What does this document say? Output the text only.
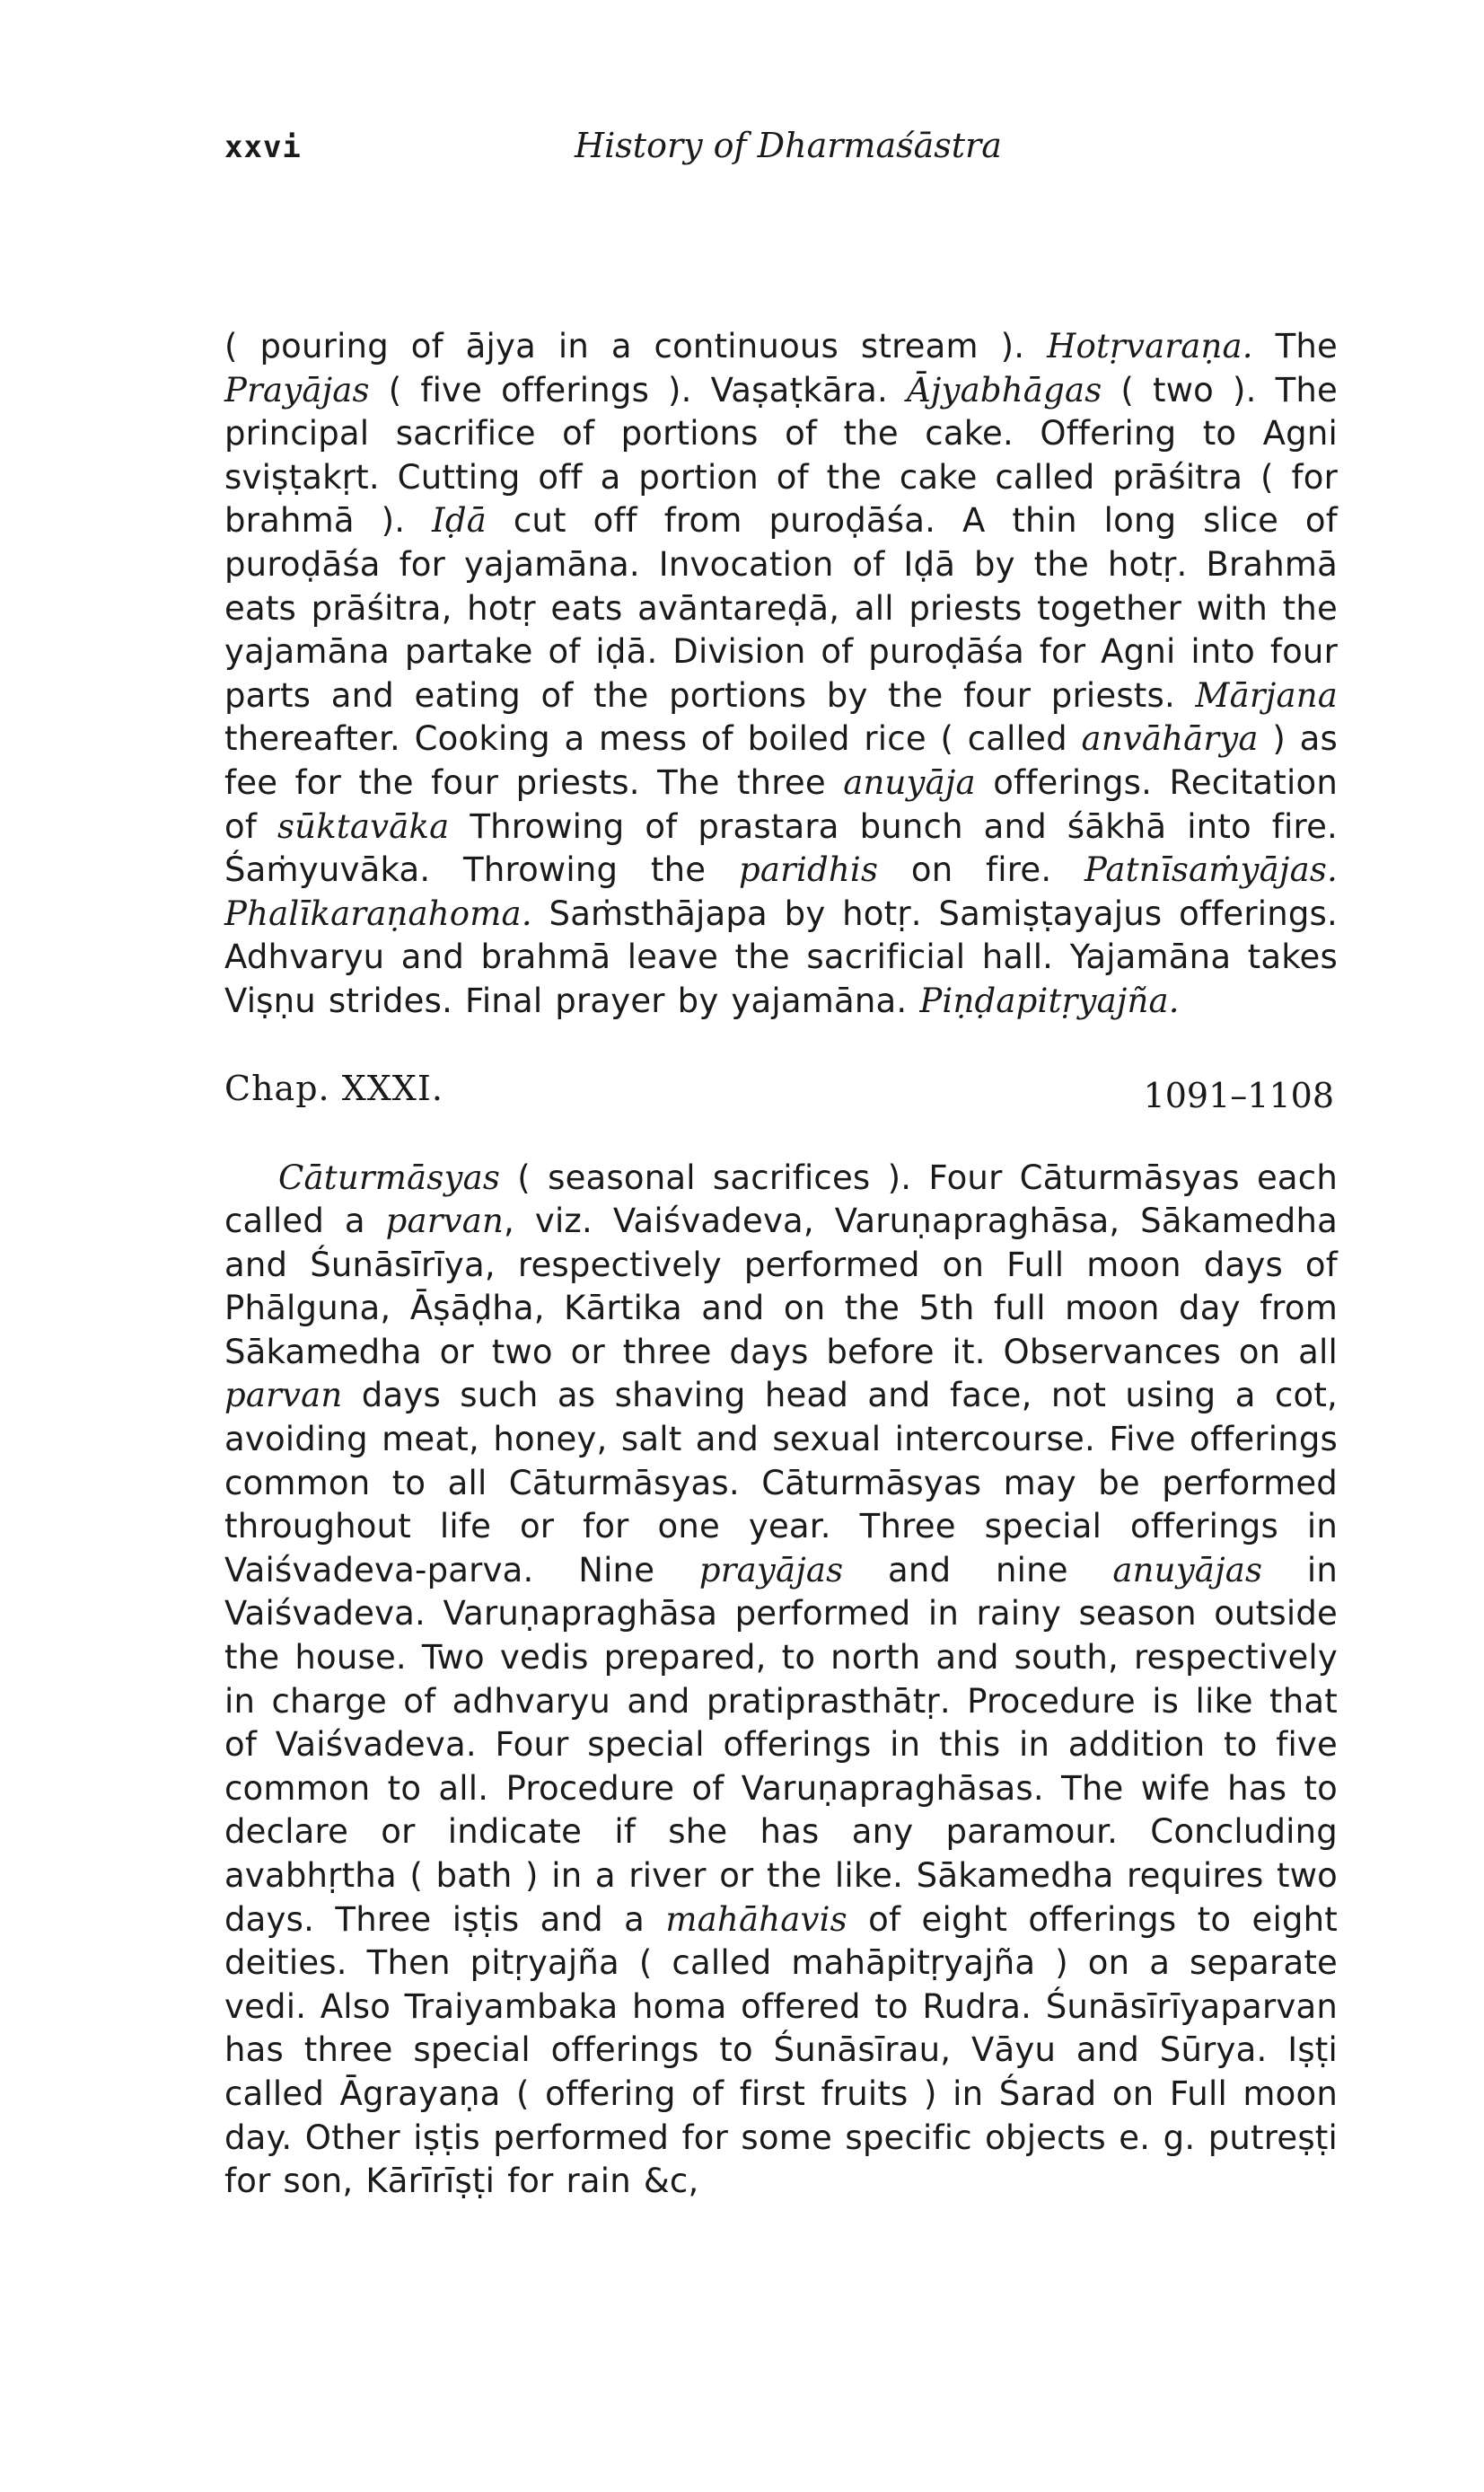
xxvi	History of Dharmaśāstra

( pouring of ājya in a continuous stream ). Hotṛvaraṇa. The Prayājas ( five offerings ). Vaṣaṭkāra. Ājyabhāgas ( two ). The principal sacrifice of portions of the cake. Offering to Agni sviṣṭakṛt. Cutting off a portion of the cake called prāśitra ( for brahmā ). Iḍā cut off from puroḍāśa. A thin long slice of puroḍāśa for yajamāna. Invocation of Iḍā by the hotṛ. Brahmā eats prāśitra, hotṛ eats avāntareḍā, all priests together with the yajamāna partake of iḍā. Division of puroḍāśa for Agni into four parts and eating of the portions by the four priests. Mārjana thereafter. Cooking a mess of boiled rice ( called anvāhārya ) as fee for the four priests. The three anuyāja offerings. Recitation of sūktavāka Throwing of prastara bunch and śākhā into fire. Śaṁyuvāka. Throwing the paridhis on fire. Patnīsaṁyājas. Phalīkaraṇahoma. Saṁsthājapa by hotṛ. Samiṣṭayajus offerings. Adhvaryu and brahmā leave the sacrificial hall. Yajamāna takes Viṣṇu strides. Final prayer by yajamāna. Piṇḍapitṛyajña.

Chap. XXXI.	1091–1108

Cāturmāsyas ( seasonal sacrifices ). Four Cāturmāsyas each called a parvan, viz. Vaiśvadeva, Varuṇapraghāsa, Sākamedha and Śunāsīrīya, respectively performed on Full moon days of Phālguna, Āṣāḍha, Kārtika and on the 5th full moon day from Sākamedha or two or three days before it. Observances on all parvan days such as shaving head and face, not using a cot, avoiding meat, honey, salt and sexual intercourse. Five offerings common to all Cāturmāsyas. Cāturmāsyas may be performed throughout life or for one year. Three special offerings in Vaiśvadeva-parva. Nine prayājas and nine anuyājas in Vaiśvadeva. Varuṇapraghāsa performed in rainy season outside the house. Two vedis prepared, to north and south, respectively in charge of adhvaryu and pratiprasthātṛ. Procedure is like that of Vaiśvadeva. Four special offerings in this in addition to five common to all. Procedure of Varuṇapraghāsas. The wife has to declare or indicate if she has any paramour. Concluding avabhṛtha ( bath ) in a river or the like. Sākamedha requires two days. Three iṣṭis and a mahāhavis of eight offerings to eight deities. Then pitṛyajña ( called mahāpitṛyajña ) on a separate vedi. Also Traiyambaka homa offered to Rudra. Śunāsīrīyaparvan has three special offerings to Śunāsīrau, Vāyu and Sūrya. Iṣṭi called Āgrayaṇa ( offering of first fruits ) in Śarad on Full moon day. Other iṣṭis performed for some specific objects e. g. putreṣṭi for son, Kārīrīṣṭi for rain &c,
